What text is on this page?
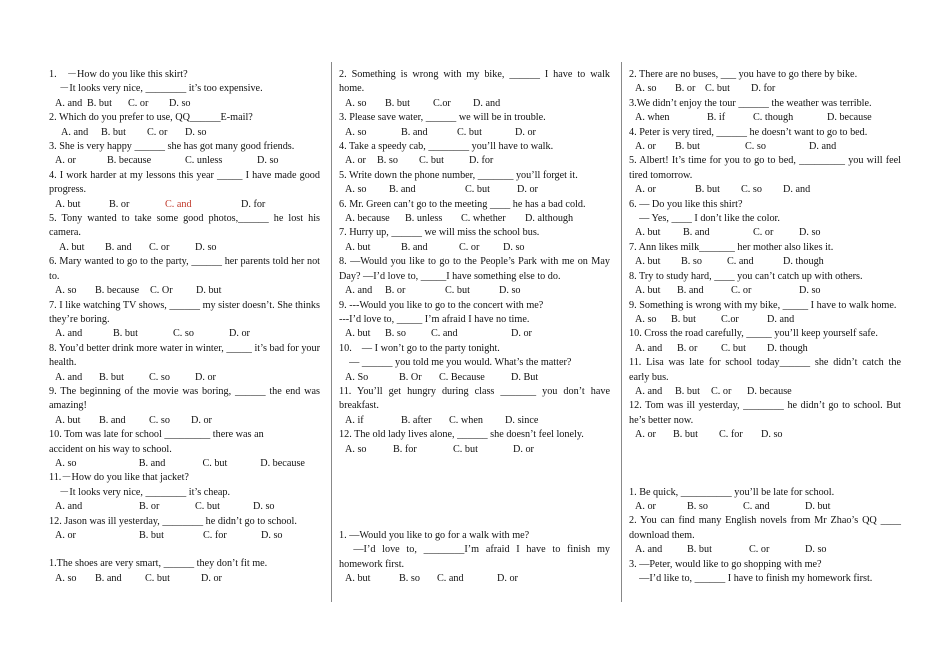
1.　－How do you like this skirt?
　－It looks very nice, ________ it’s too expensive.
A. and B. but	C. or	D. so
2. Which do you prefer to use, QQ______E-mail?
A. and	B. but	C. or	D. so
3. She is very happy ______ she has got many good friends.
A. or	B. because	C. unless	D. so
4. I work harder at my lessons this year _____ I have made good progress.
A. but	B. or	C. and	D. for
5. Tony wanted to take some good photos,______ he lost his camera.
A. but	B. and	C. or	D. so
6. Mary wanted to go to the party, ______ her parents told her not to.
A. so	B. because	C. Or	D. but
7. I like watching TV shows, ______ my sister doesn’t. She thinks they’re boring.
A. and	B. but	C. so	D. or
8. You’d better drink more water in winter, _____ it’s bad for your health.
A. and	B. but	C. so	D. or
9. The beginning of the movie was boring, ______ the end was amazing!
A. but	B. and	C. so	D. or
10. Tom was late for school _________ there was an
accident on his way to school.
A. so	B. and	C. but	D. because
11.－How do you like that jacket?
　－It looks very nice, ________ it’s cheap.
A. and	B. or	C. but	D. so
12. Jason was ill yesterday, ________ he didn’t go to school.
A. or	B. but	C. for	D. so
1.The shoes are very smart, ______ they don’t fit me.
A. so	B. and	C. but	D. or
2. Something is wrong with my bike, ______ I have to walk home.
A. so	B. but	C.or	D. and
3. Please save water, ______ we will be in trouble.
A. so	B. and	C. but	D. or
4. Take a speedy cab, ________ you’ll have to walk.
A. or	B. so	C. but	D. for
5. Write down the phone number, _______ you’ll forget it.
A. so	B. and	C. but	D. or
6. Mr. Green can’t go to the meeting ____ he has a bad cold.
A. because	B. unless	C. whether	D. although
7. Hurry up, ______ we will miss the school bus.
A. but	B. and	C. or	D. so
8. —Would you like to go to the People’s Park with me on May Day? —I’d love to, _____I have something else to do.
A. and	B. or	C. but	D. so
9. ---Would you like to go to the concert with me?
---I’d love to, _____ I’m afraid I have no time.
A. but	B. so	C. and	D. or
10.　— I won’t go to the party tonight.
　— ______ you told me you would. What’s the matter?
A. So	B. Or	C. Because	D. But
11. You’ll get hungry during class _______ you don’t have breakfast.
A. if	B. after	C. when	D. since
12. The old lady lives alone, ______ she doesn’t feel lonely.
A. so	B. for	C. but	D. or
1. —Would you like to go for a walk with me?
　—I’d love to, ________I’m afraid I have to finish my homework first.
A. but	B. so	C. and	D. or
2. There are no buses, ___ you have to go there by bike.
A. so	B. or C. but	D. for
3.We didn’t enjoy the tour ______ the weather was terrible.
A. when	B. if	C. though	D. because
4. Peter is very tired, ______ he doesn’t want to go to bed.
A. or	B. but	C. so	D. and
5. Albert! It’s time for you to go to bed, _________ you will feel tired tomorrow.
A. or	B. but	C. so	D. and
6. — Do you like this shirt?
　— Yes, ____ I don’t like the color.
A. but	B. and	C. or	D. so
7. Ann likes milk_______ her mother also likes it.
A. but	B. so	C. and	D. though
8. Try to study hard, ____ you can’t catch up with others.
A. but	B. and	C. or	D. so
9. Something is wrong with my bike, _____ I have to walk home.
A. so	B. but	C.or	D. and
10. Cross the road carefully, _____ you’ll keep yourself safe.
A. and	B. or	C. but	D. though
11. Lisa was late for school today______ she didn’t catch the early bus.
A. and	B. but	C. or	D. because
12. Tom was ill yesterday, ________ he didn’t go to school. But he’s better now.
A. or	B. but	C. for	D. so
1. Be quick, __________ you’ll be late for school.
A. or	B. so	C. and	D. but
2. You can find many English novels from Mr Zhao’s QQ ____ download them.
A. and	B. but	C. or	D. so
3. —Peter, would like to go shopping with me?
　—I’d like to, ______ I have to finish my homework first.
